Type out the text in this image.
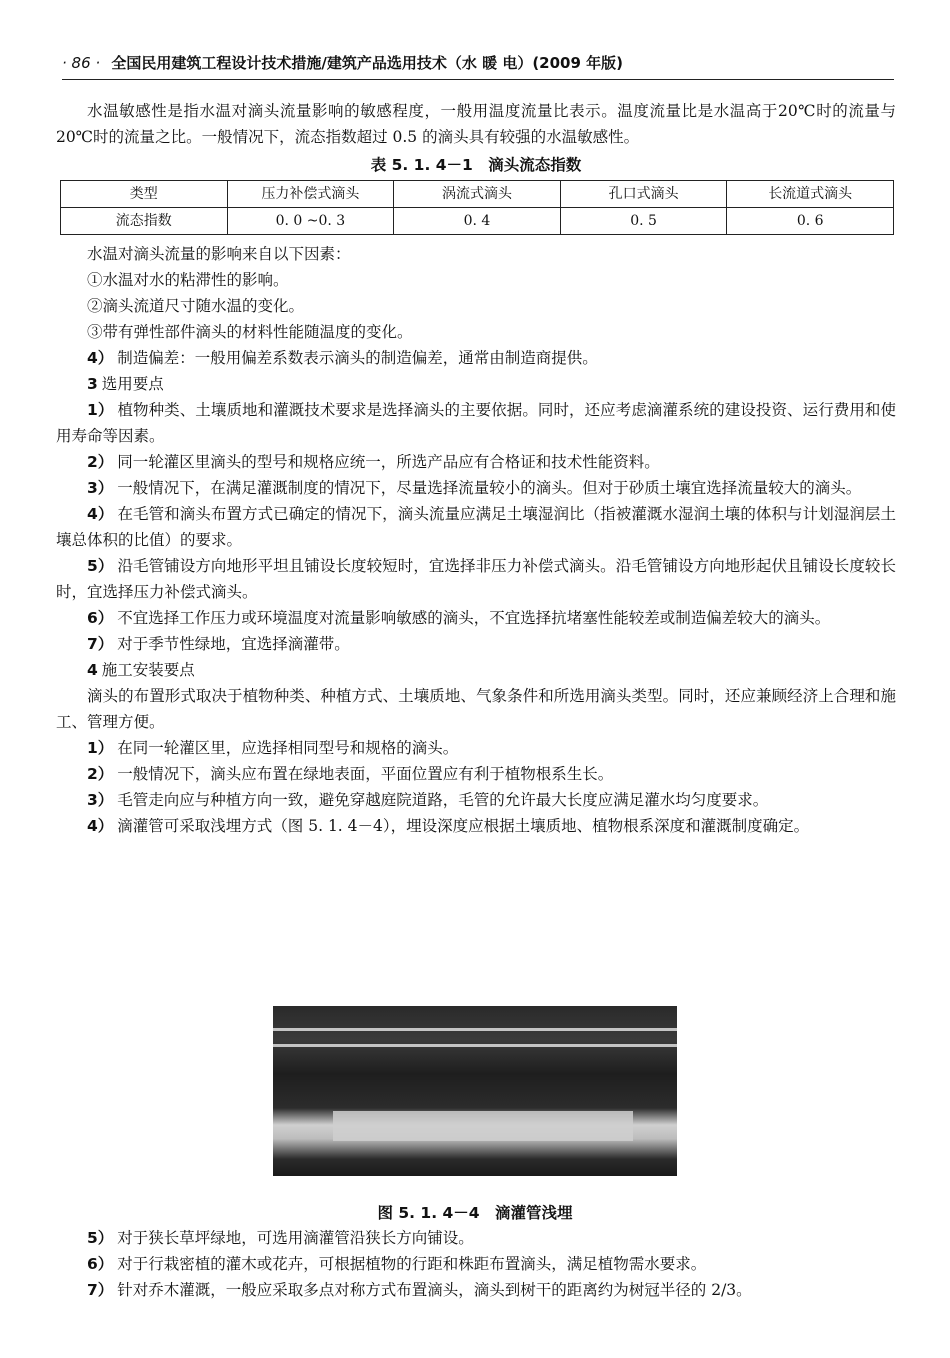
· 86 · 全国民用建筑工程设计技术措施/建筑产品选用技术（水 暖 电）(2009 年版)

水温敏感性是指水温对滴头流量影响的敏感程度，一般用温度流量比表示。温度流量比是水温高于20℃时的流量与20℃时的流量之比。一般情况下，流态指数超过 0.5 的滴头具有较强的水温敏感性。

表 5. 1. 4－1　滴头流态指数
类型	压力补偿式滴头	涡流式滴头	孔口式滴头	长流道式滴头
流态指数	0. 0 ~0. 3	0. 4	0. 5	0. 6

水温对滴头流量的影响来自以下因素：

①水温对水的粘滞性的影响。

②滴头流道尺寸随水温的变化。

③带有弹性部件滴头的材料性能随温度的变化。

4） 制造偏差：一般用偏差系数表示滴头的制造偏差，通常由制造商提供。

3 选用要点

1） 植物种类、土壤质地和灌溉技术要求是选择滴头的主要依据。同时，还应考虑滴灌系统的建设投资、运行费用和使用寿命等因素。

2） 同一轮灌区里滴头的型号和规格应统一，所选产品应有合格证和技术性能资料。

3） 一般情况下，在满足灌溉制度的情况下，尽量选择流量较小的滴头。但对于砂质土壤宜选择流量较大的滴头。

4） 在毛管和滴头布置方式已确定的情况下，滴头流量应满足土壤湿润比（指被灌溉水湿润土壤的体积与计划湿润层土壤总体积的比值）的要求。

5） 沿毛管铺设方向地形平坦且铺设长度较短时，宜选择非压力补偿式滴头。沿毛管铺设方向地形起伏且铺设长度较长时，宜选择压力补偿式滴头。

6） 不宜选择工作压力或环境温度对流量影响敏感的滴头，不宜选择抗堵塞性能较差或制造偏差较大的滴头。

7） 对于季节性绿地，宜选择滴灌带。

4 施工安装要点

滴头的布置形式取决于植物种类、种植方式、土壤质地、气象条件和所选用滴头类型。同时，还应兼顾经济上合理和施工、管理方便。

1） 在同一轮灌区里，应选择相同型号和规格的滴头。

2） 一般情况下，滴头应布置在绿地表面，平面位置应有利于植物根系生长。

3） 毛管走向应与种植方向一致，避免穿越庭院道路，毛管的允许最大长度应满足灌水均匀度要求。

4） 滴灌管可采取浅埋方式（图 5. 1. 4－4），埋设深度应根据土壤质地、植物根系深度和灌溉制度确定。

图 5. 1. 4－4　滴灌管浅埋

5） 对于狭长草坪绿地，可选用滴灌管沿狭长方向铺设。

6） 对于行栽密植的灌木或花卉，可根据植物的行距和株距布置滴头，满足植物需水要求。

7） 针对乔木灌溉，一般应采取多点对称方式布置滴头，滴头到树干的距离约为树冠半径的 2/3。
